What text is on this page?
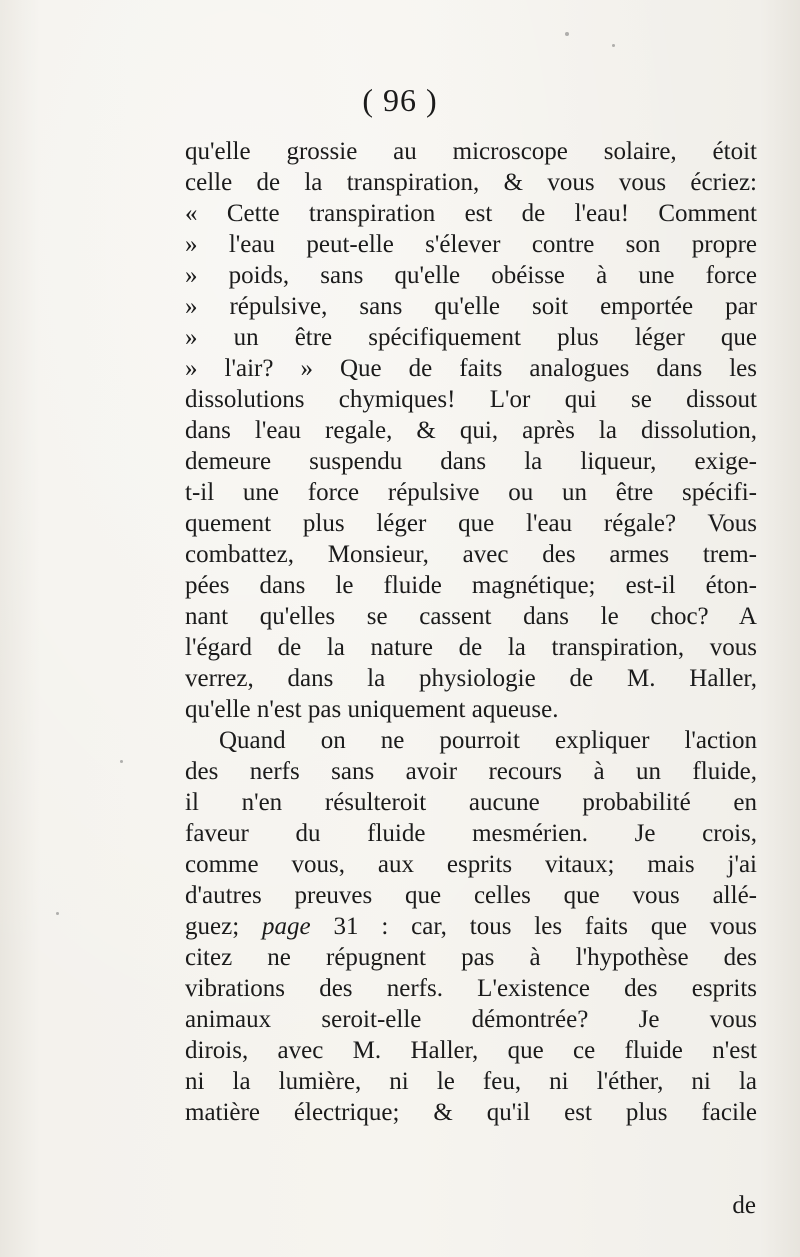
( 96 )
qu'elle grossie au microscope solaire, étoit
celle de la transpiration, & vous vous écriez:
« Cette transpiration est de l'eau! Comment
» l'eau peut-elle s'élever contre son propre
» poids, sans qu'elle obéisse à une force
» répulsive, sans qu'elle soit emportée par
» un être spécifiquement plus léger que
» l'air? » Que de faits analogues dans les
dissolutions chymiques! L'or qui se dissout
dans l'eau regale, & qui, après la dissolution,
demeure suspendu dans la liqueur, exige-
t-il une force répulsive ou un être spécifi-
quement plus léger que l'eau régale? Vous
combattez, Monsieur, avec des armes trem-
pées dans le fluide magnétique; est-il éton-
nant qu'elles se cassent dans le choc? A
l'égard de la nature de la transpiration, vous
verrez, dans la physiologie de M. Haller,
qu'elle n'est pas uniquement aqueuse.
Quand on ne pourroit expliquer l'action
des nerfs sans avoir recours à un fluide,
il n'en résulteroit aucune probabilité en
faveur du fluide mesmérien. Je crois,
comme vous, aux esprits vitaux; mais j'ai
d'autres preuves que celles que vous allé-
guez; page 31 : car, tous les faits que vous
citez ne répugnent pas à l'hypothèse des
vibrations des nerfs. L'existence des esprits
animaux seroit-elle démontrée? Je vous
dirois, avec M. Haller, que ce fluide n'est
ni la lumière, ni le feu, ni l'éther, ni la
matière électrique; & qu'il est plus facile
de
